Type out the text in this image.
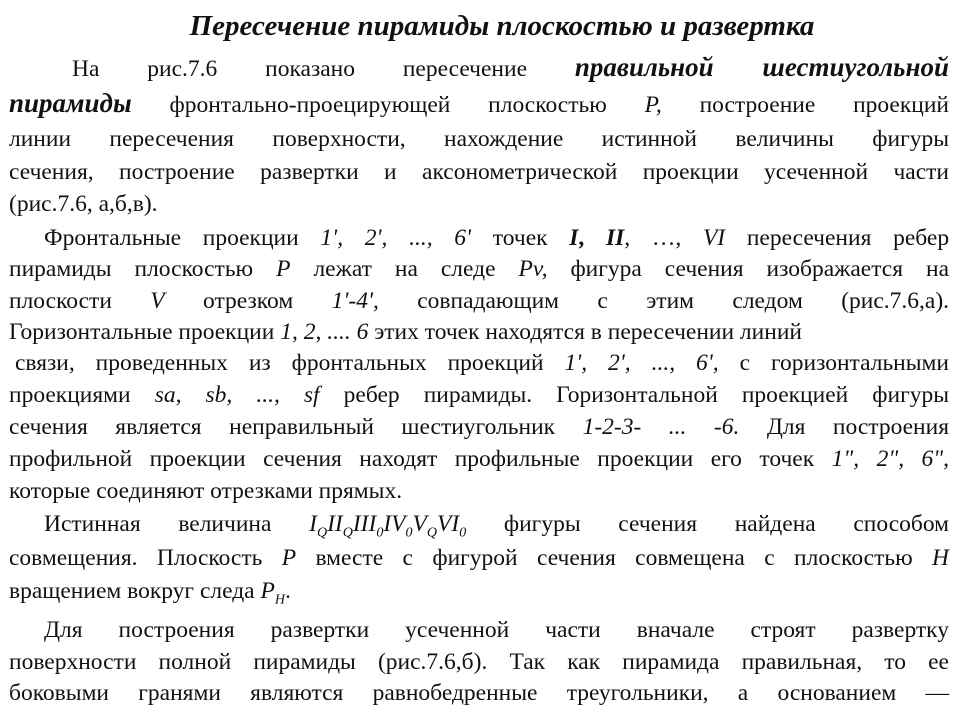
Пересечение пирамиды плоскостью и развертка
На рис.7.6 показано пересечение правильной шестиугольной
пирамиды фронтально-проецирующей плоскостью P, построение проекций
линии пересечения поверхности, нахождение истинной величины фигуры
сечения, построение развертки и аксонометрической проекции усеченной части
(рис.7.6, а,б,в).
Фронтальные проекции 1', 2', ..., 6' точек I, II, …, VI пересечения ребер
пирамиды плоскостью P лежат на следе Pv, фигура сечения изображается на
плоскости V отрезком 1'-4', совпадающим с этим следом (рис.7.6,а).
Горизонтальные проекции 1, 2, .... 6 этих точек находятся в пересечении линий
связи, проведенных из фронтальных проекций 1', 2', ..., 6', с горизонтальными
проекциями sa, sb, ..., sf ребер пирамиды. Горизонтальной проекцией фигуры
сечения является неправильный шестиугольник 1-2-3- ... -6. Для построения
профильной проекции сечения находят профильные проекции его точек 1", 2", 6",
которые соединяют отрезками прямых.
Истинная величина $I_QII_QIII_0IV_0V_QVI_0$ фигуры сечения найдена способом
совмещения. Плоскость P вместе с фигурой сечения совмещена с плоскостью H
вращением вокруг следа $P_H$.
Для построения развертки усеченной части вначале строят развертку
поверхности полной пирамиды (рис.7.6,б). Так как пирамида правильная, то ее
боковыми гранями являются равнобедренные треугольники, а основанием —
